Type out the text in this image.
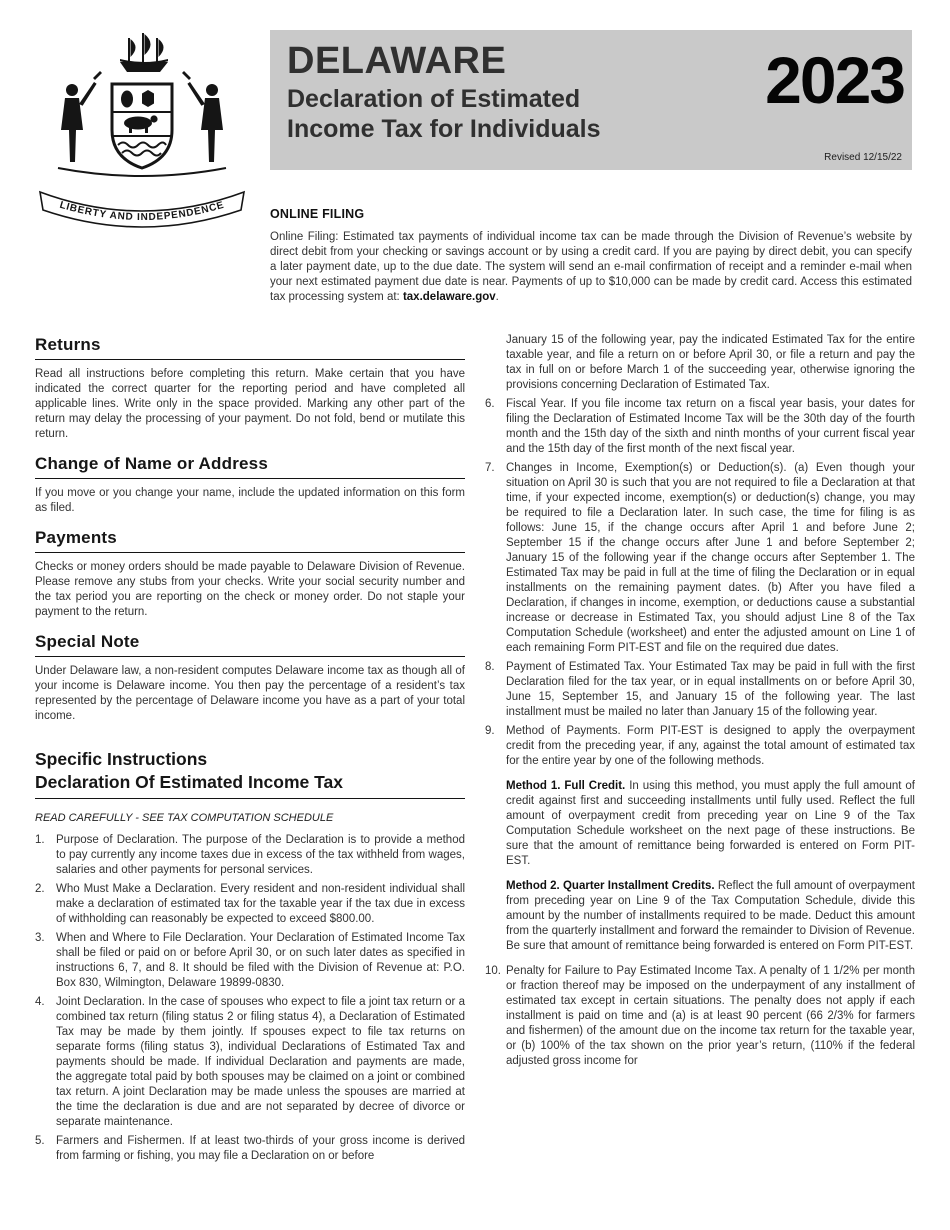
LIBERTY AND INDEPENDENCE
DELAWARE
Declaration of Estimated
Income Tax for Individuals
2023
Revised 12/15/22
ONLINE FILING

Online Filing: Estimated tax payments of individual income tax can be made through the Division of Revenue’s website by direct debit from your checking or savings account or by using a credit card. If you are paying by direct debit, you can specify a later payment date, up to the due date. The system will send an e-mail confirmation of receipt and a reminder e-mail when your next estimated payment due date is near. Payments of up to $10,000 can be made by credit card. Access this estimated tax processing system at: tax.delaware.gov.

Returns

Read all instructions before completing this return. Make certain that you have indicated the correct quarter for the reporting period and have completed all applicable lines. Write only in the space provided. Marking any other part of the return may delay the processing of your payment. Do not fold, bend or mutilate this return.

Change of Name or Address

If you move or you change your name, include the updated information on this form as filed.

Payments

Checks or money orders should be made payable to Delaware Division of Revenue. Please remove any stubs from your checks. Write your social security number and the tax period you are reporting on the check or money order. Do not staple your payment to the return.

Special Note

Under Delaware law, a non-resident computes Delaware income tax as though all of your income is Delaware income. You then pay the percentage of a resident’s tax represented by the percentage of Delaware income you have as a part of your total income.

Specific Instructions
Declaration Of Estimated Income Tax

READ CAREFULLY - SEE TAX COMPUTATION SCHEDULE

1. Purpose of Declaration. The purpose of the Declaration is to provide a method to pay currently any income taxes due in excess of the tax withheld from wages, salaries and other payments for personal services.
2. Who Must Make a Declaration. Every resident and non-resident individual shall make a declaration of estimated tax for the taxable year if the tax due in excess of withholding can reasonably be expected to exceed $800.00.
3. When and Where to File Declaration. Your Declaration of Estimated Income Tax shall be filed or paid on or before April 30, or on such later dates as specified in instructions 6, 7, and 8. It should be filed with the Division of Revenue at: P.O. Box 830, Wilmington, Delaware 19899-0830.
4. Joint Declaration. In the case of spouses who expect to file a joint tax return or a combined tax return (filing status 2 or filing status 4), a Declaration of Estimated Tax may be made by them jointly. If spouses expect to file tax returns on separate forms (filing status 3), individual Declarations of Estimated Tax and payments should be made. If individual Declaration and payments are made, the aggregate total paid by both spouses may be claimed on a joint or combined tax return. A joint Declaration may be made unless the spouses are married at the time the declaration is due and are not separated by decree of divorce or separate maintenance.
5. Farmers and Fishermen. If at least two-thirds of your gross income is derived from farming or fishing, you may file a Declaration on or before

January 15 of the following year, pay the indicated Estimated Tax for the entire taxable year, and file a return on or before April 30, or file a return and pay the tax in full on or before March 1 of the succeeding year, otherwise ignoring the provisions concerning Declaration of Estimated Tax.

6. Fiscal Year. If you file income tax return on a fiscal year basis, your dates for filing the Declaration of Estimated Income Tax will be the 30th day of the fourth month and the 15th day of the sixth and ninth months of your current fiscal year and the 15th day of the first month of the next fiscal year.
7. Changes in Income, Exemption(s) or Deduction(s). (a) Even though your situation on April 30 is such that you are not required to file a Declaration at that time, if your expected income, exemption(s) or deduction(s) change, you may be required to file a Declaration later. In such case, the time for filing is as follows: June 15, if the change occurs after April 1 and before June 2; September 15 if the change occurs after June 1 and before September 2; January 15 of the following year if the change occurs after September 1. The Estimated Tax may be paid in full at the time of filing the Declaration or in equal installments on the remaining payment dates. (b) After you have filed a Declaration, if changes in income, exemption, or deductions cause a substantial increase or decrease in Estimated Tax, you should adjust Line 8 of the Tax Computation Schedule (worksheet) and enter the adjusted amount on Line 1 of each remaining Form PIT-EST and file on the required due dates.
8. Payment of Estimated Tax. Your Estimated Tax may be paid in full with the first Declaration filed for the tax year, or in equal installments on or before April 30, June 15, September 15, and January 15 of the following year. The last installment must be mailed no later than January 15 of the following year.
9. Method of Payments. Form PIT-EST is designed to apply the overpayment credit from the preceding year, if any, against the total amount of estimated tax for the entire year by one of the following methods.

Method 1. Full Credit. In using this method, you must apply the full amount of credit against first and succeeding installments until fully used. Reflect the full amount of overpayment credit from preceding year on Line 9 of the Tax Computation Schedule worksheet on the next page of these instructions. Be sure that the amount of remittance being forwarded is entered on Form PIT-EST.

Method 2. Quarter Installment Credits. Reflect the full amount of overpayment from preceding year on Line 9 of the Tax Computation Schedule, divide this amount by the number of installments required to be made. Deduct this amount from the quarterly installment and forward the remainder to Division of Revenue. Be sure that amount of remittance being forwarded is entered on Form PIT-EST.

10. Penalty for Failure to Pay Estimated Income Tax. A penalty of 1 1/2% per month or fraction thereof may be imposed on the underpayment of any installment of estimated tax except in certain situations. The penalty does not apply if each installment is paid on time and (a) is at least 90 percent (66 2/3% for farmers and fishermen) of the amount due on the income tax return for the taxable year, or (b) 100% of the tax shown on the prior year’s return, (110% if the federal adjusted gross income for
